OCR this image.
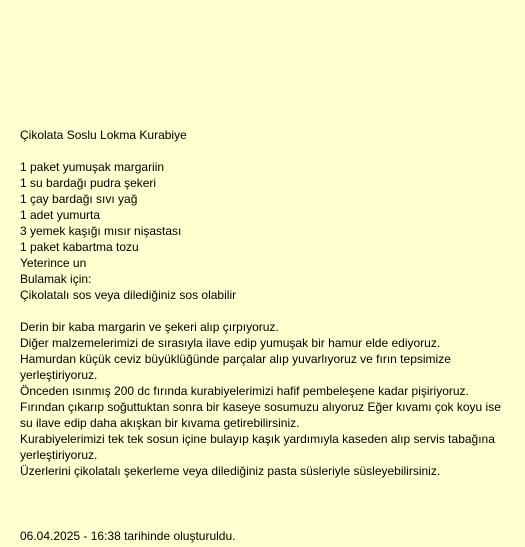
Çikolata Soslu Lokma Kurabiye
1 paket yumuşak margariin
1 su bardağı pudra şekeri
1 çay bardağı sıvı yağ
1 adet yumurta
3 yemek kaşığı mısır nişastası
1 paket kabartma tozu
Yeterince un
Bulamak için:
Çikolatalı sos veya dilediğiniz sos olabilir
Derin bir kaba margarin ve şekeri alıp çırpıyoruz.
Diğer malzemelerimizi de sırasıyla ilave edip yumuşak bir hamur elde ediyoruz.
Hamurdan küçük ceviz büyüklüğünde parçalar alıp yuvarlıyoruz ve fırın tepsimize yerleştiriyoruz.
Önceden ısınmış 200 dc fırında kurabiyelerimizi hafif pembeleşene kadar pişiriyoruz.
Fırından çıkarıp soğuttuktan sonra bir kaseye sosumuzu alıyoruz Eğer kıvamı çok koyu ise su ilave edip daha akışkan bir kıvama getirebilirsiniz.
Kurabiyelerimizi tek tek sosun içine bulayıp kaşık yardımıyla kaseden alıp servis tabağına yerleştiriyoruz.
Üzerlerini çikolatalı şekerleme veya dilediğiniz pasta süsleriyle süsleyebilirsiniz.
06.04.2025 - 16:38 tarihinde oluşturuldu.
